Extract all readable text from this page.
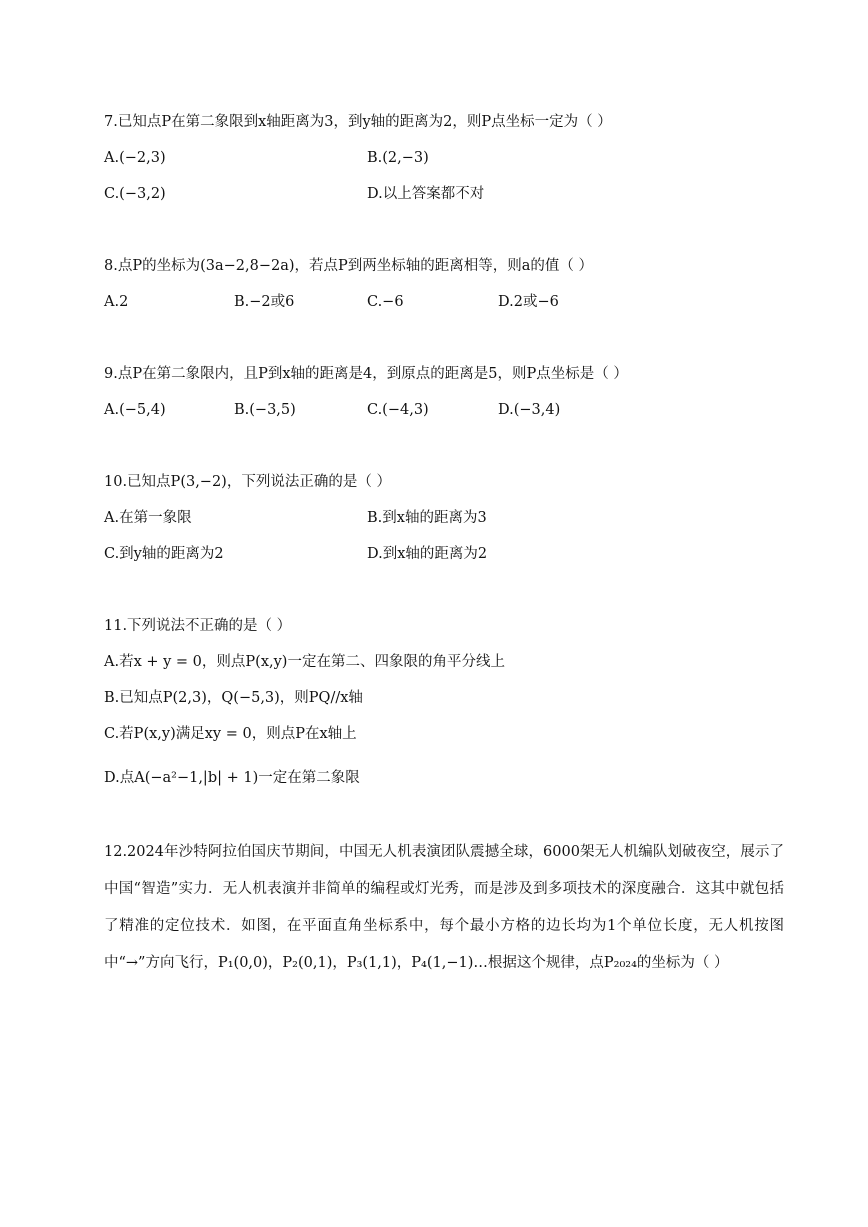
7.已知点P在第二象限到x轴距离为3，到y轴的距离为2，则P点坐标一定为（ ）
A.(−2,3)	B.(2,−3)
C.(−3,2)	D.以上答案都不对
8.点P的坐标为(3a−2,8−2a)，若点P到两坐标轴的距离相等，则a的值（ ）
A.2	B.−2或6	C.−6	D.2或−6
9.点P在第二象限内，且P到x轴的距离是4，到原点的距离是5，则P点坐标是（ ）
A.(−5,4)	B.(−3,5)	C.(−4,3)	D.(−3,4)
10.已知点P(3,−2)，下列说法正确的是（ ）
A.在第一象限	B.到x轴的距离为3
C.到y轴的距离为2	D.到x轴的距离为2
11.下列说法不正确的是（ ）
A.若x + y = 0，则点P(x,y)一定在第二、四象限的角平分线上
B.已知点P(2,3)，Q(−5,3)，则PQ//x轴
C.若P(x,y)满足xy = 0，则点P在x轴上
D.点A(−a²−1,|b| + 1)一定在第二象限
12.2024年沙特阿拉伯国庆节期间，中国无人机表演团队震撼全球，6000架无人机编队划破夜空，展示了中国“智造”实力．无人机表演并非简单的编程或灯光秀，而是涉及到多项技术的深度融合．这其中就包括了精准的定位技术．如图，在平面直角坐标系中，每个最小方格的边长均为1个单位长度，无人机按图中“→”方向飞行，P₁(0,0)，P₂(0,1)，P₃(1,1)，P₄(1,−1)…根据这个规律，点P₂₀₂₄的坐标为（ ）
